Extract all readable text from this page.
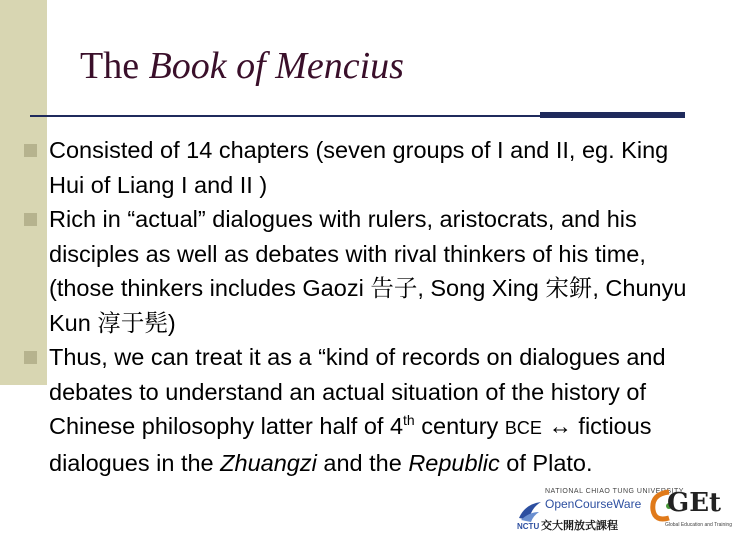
The Book of Mencius

Consisted of 14 chapters (seven groups of I and II, eg. King Hui of Liang I and II )

Rich in “actual” dialogues with rulers, aristocrats, and his disciples as well as debates with rival thinkers of his time, (those thinkers includes Gaozi 告子, Song Xing 宋鈃, Chunyu Kun 淳于髡)

Thus, we can treat it as a “kind of records on dialogues and debates to understand an actual situation of the history of Chinese philosophy latter half of 4th century BCE ↔ fictious dialogues in the Zhuangzi and the Republic of Plato.

NCTU
NATIONAL CHIAO TUNG UNIVERSITY
OpenCourseWare
交大開放式課程
GEt
Global Education and Training
